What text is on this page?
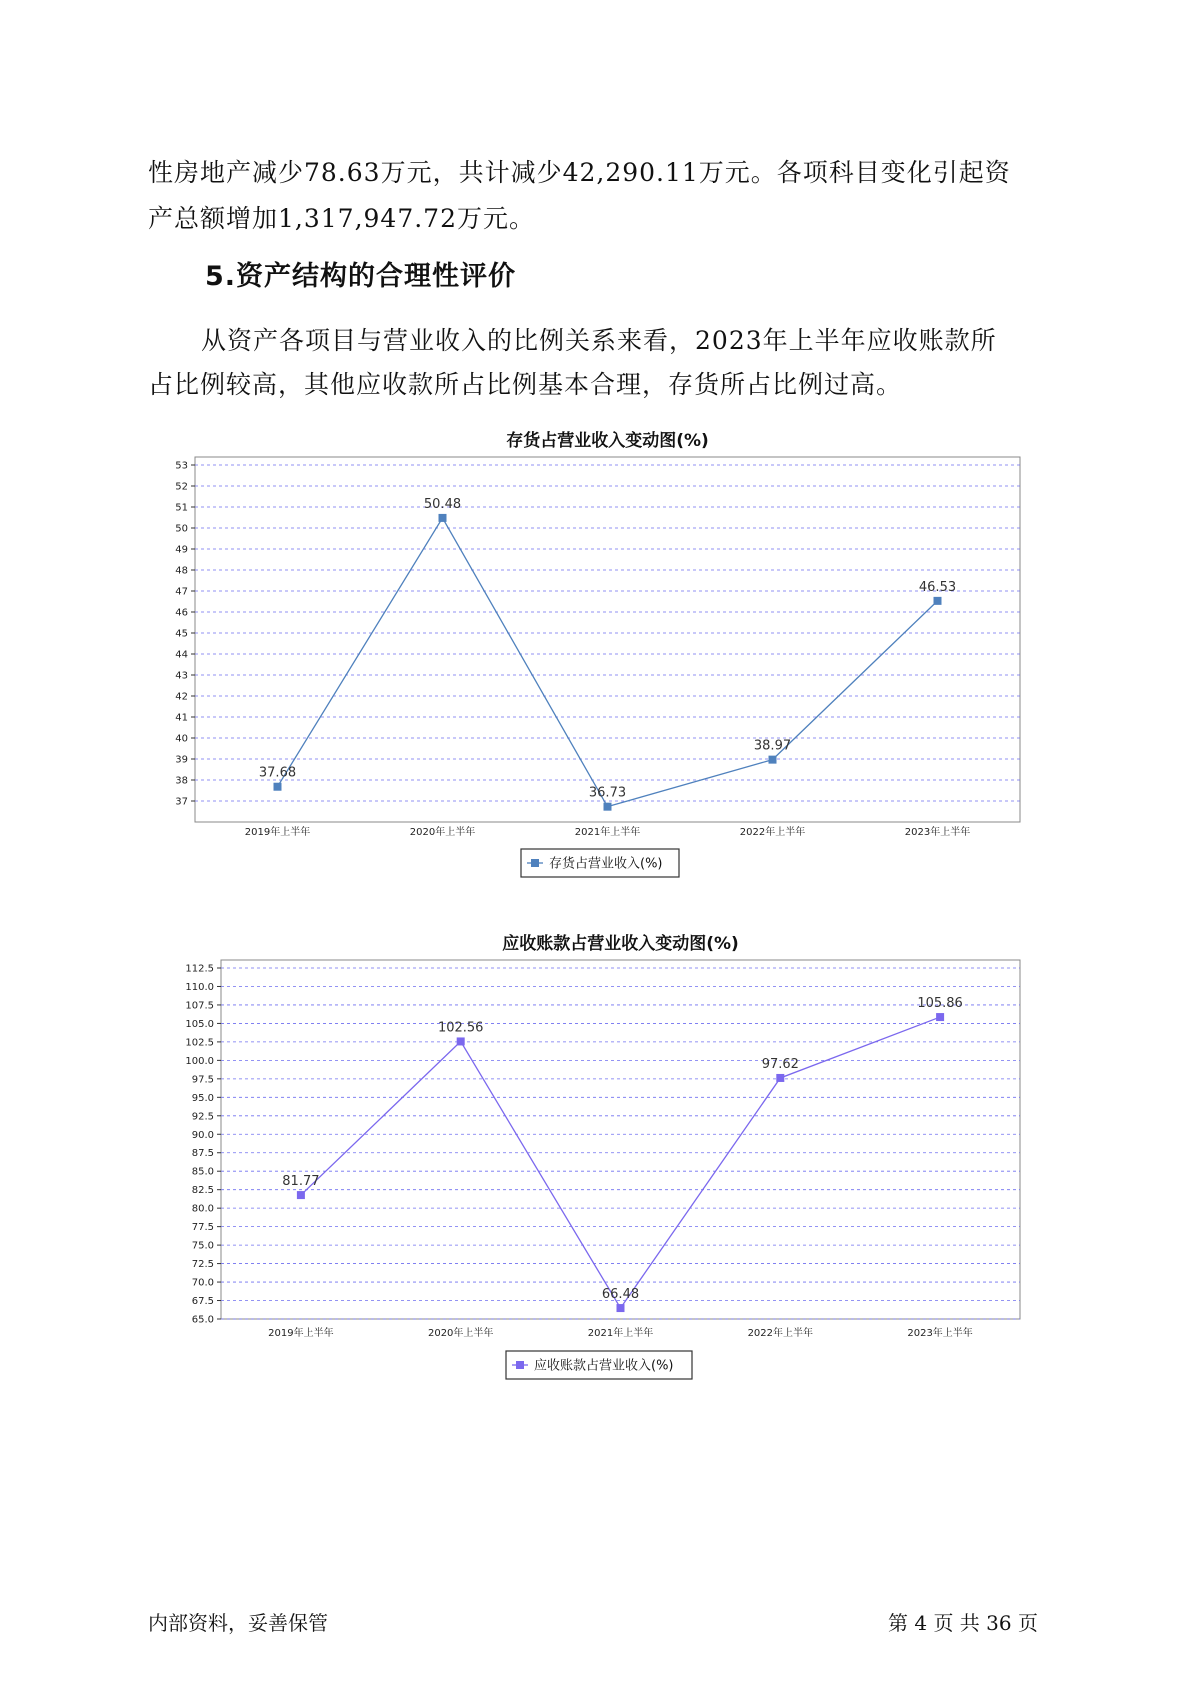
性房地产减少78.63万元，共计减少42,290.11万元。各项科目变化引起资

产总额增加1,317,947.72万元。

5.资产结构的合理性评价

从资产各项目与营业收入的比例关系来看，2023年上半年应收账款所

占比例较高，其他应收款所占比例基本合理，存货所占比例过高。

存货占营业收入变动图(%)
53
52
51
50
49
48
47
46
45
44
43
42
41
40
39
38
37
2019年上半年	2020年上半年	2021年上半年	2022年上半年	2023年上半年
37.68
50.48
36.73
38.97
46.53
存货占营业收入(%)
应收账款占营业收入变动图(%)
112.5
110.0
107.5
105.0
102.5
100.0
97.5
95.0
92.5
90.0
87.5
85.0
82.5
80.0
77.5
75.0
72.5
70.0
67.5
65.0
2019年上半年	2020年上半年	2021年上半年	2022年上半年	2023年上半年
81.77
102.56
66.48
97.62
105.86
应收账款占营业收入(%)
内部资料，妥善保管	第 4 页 共 36 页
